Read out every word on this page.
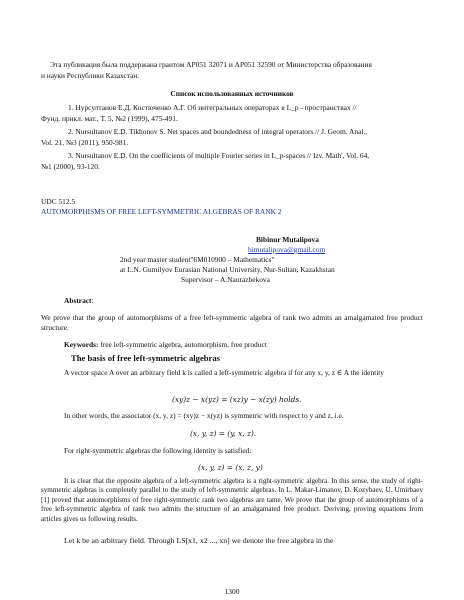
Эта публикация была поддержана грантом AP051 32071 и AP051 32590 от Министерства образования
и науки Республики Казахстан.
Список использованных источников
1. Нурсултанов Е.Д. Костюченко А.Г. Об интегральных операторах в L_p - пространствах //
Фунд. прикл. мат., Т. 5, №2 (1999), 475-491.
2. Nursultanov E.D. Tikhonov S. Net spaces and boundedness of integral operators // J. Geom. Anal.,
Vol. 21, №3 (2011), 950-981.
3. Nursultanov E.D. On the coefficients of multiple Fourier series in L_p-spaces // Izv. Math', Vol. 64,
№1 (2000), 93-120.
UDC 512.5
AUTOMORPHISMS OF FREE LEFT-SYMMETRIC ALGEBRAS OF RANK 2
Bibinur Mutalipova
bimutalipova@gmail.com
2nd year master student"6M010900 – Mathematics"
at L.N. Gumilyov Eurasian National University, Nur-Sultan, Kazakhstan
Supervisor – A.Naurazbekova
Abstract:
We prove that the group of automorphisms of a free left-symmetric algebra of rank two admits an amalgamated free product structure.
Keywords: free left-symmetric algebra, automorphism, free product
The basis of free left-symmetric algebras
A vector space A over an arbitrary field k is called a left-symmetric algebra if for any x, y, z ∈ A the identity
(xy)z − x(yz) = (xz)y − x(zy) holds.
In other words, the associator (x, y, z) = (xy)z − x(yz) is symmetric with respect to y and z, i.e.
(x, y, z) = (y, x, z).
For right-symmetric algebras the following identity is satisfied:
(x, y, z) = (x, z, y)
It is clear that the opposite algebra of a left-symmetric algebra is a right-symmetric algebra. In this sense, the study of right-symmetric algebras is completely parallel to the study of left-symmetric algebras. In L. Makar-Limanov, D. Kozybaev, U. Umirbaev [1] proved that automorphisms of free right-symmetric rank two algebras are tame. We prove that the group of automorphisms of a free left-symmetric algebra of rank two admits the structure of an amalgamated free product. Deriving, proving equations from articles gives us following results.
Let k be an arbitrary field. Through LS[x1, x2 ..., xn] we denote the free algebra in the
1300
